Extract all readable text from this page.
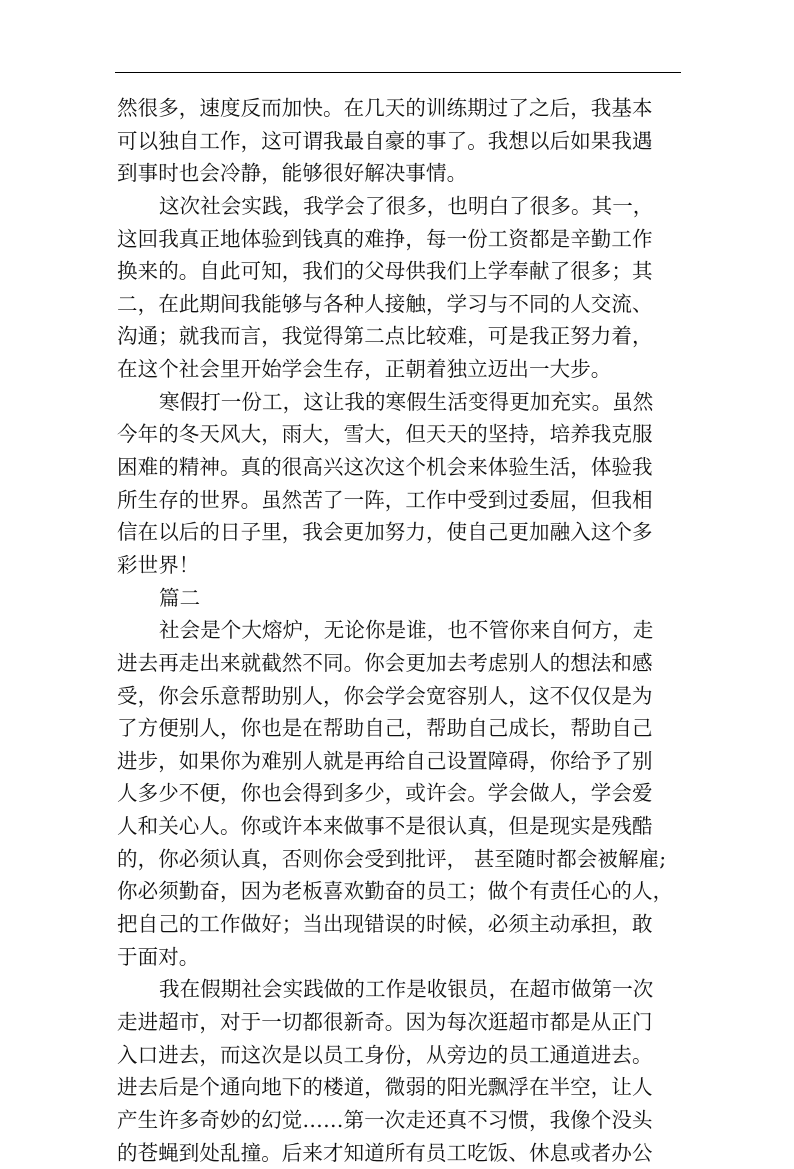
然很多，速度反而加快。在几天的训练期过了之后，我基本
可以独自工作，这可谓我最自豪的事了。我想以后如果我遇
到事时也会冷静，能够很好解决事情。
这次社会实践，我学会了很多，也明白了很多。其一，
这回我真正地体验到钱真的难挣，每一份工资都是辛勤工作
换来的。自此可知，我们的父母供我们上学奉献了很多；其
二，在此期间我能够与各种人接触，学习与不同的人交流、
沟通；就我而言，我觉得第二点比较难，可是我正努力着，
在这个社会里开始学会生存，正朝着独立迈出一大步。
寒假打一份工，这让我的寒假生活变得更加充实。虽然
今年的冬天风大，雨大，雪大，但天天的坚持，培养我克服
困难的精神。真的很高兴这次这个机会来体验生活，体验我
所生存的世界。虽然苦了一阵，工作中受到过委屈，但我相
信在以后的日子里，我会更加努力，使自己更加融入这个多
彩世界！
篇二
社会是个大熔炉，无论你是谁，也不管你来自何方，走
进去再走出来就截然不同。你会更加去考虑别人的想法和感
受，你会乐意帮助别人，你会学会宽容别人，这不仅仅是为
了方便别人，你也是在帮助自己，帮助自己成长，帮助自己
进步，如果你为难别人就是再给自己设置障碍，你给予了别
人多少不便，你也会得到多少，或许会。学会做人，学会爱
人和关心人。你或许本来做事不是很认真，但是现实是残酷
的，你必须认真，否则你会受到批评， 甚至随时都会被解雇;
你必须勤奋，因为老板喜欢勤奋的员工；做个有责任心的人，
把自己的工作做好；当出现错误的时候，必须主动承担，敢
于面对。
我在假期社会实践做的工作是收银员，在超市做第一次
走进超市，对于一切都很新奇。因为每次逛超市都是从正门
入口进去，而这次是以员工身份，从旁边的员工通道进去。
进去后是个通向地下的楼道，微弱的阳光飘浮在半空，让人
产生许多奇妙的幻觉……第一次走还真不习惯，我像个没头
的苍蝇到处乱撞。后来才知道所有员工吃饭、休息或者办公
